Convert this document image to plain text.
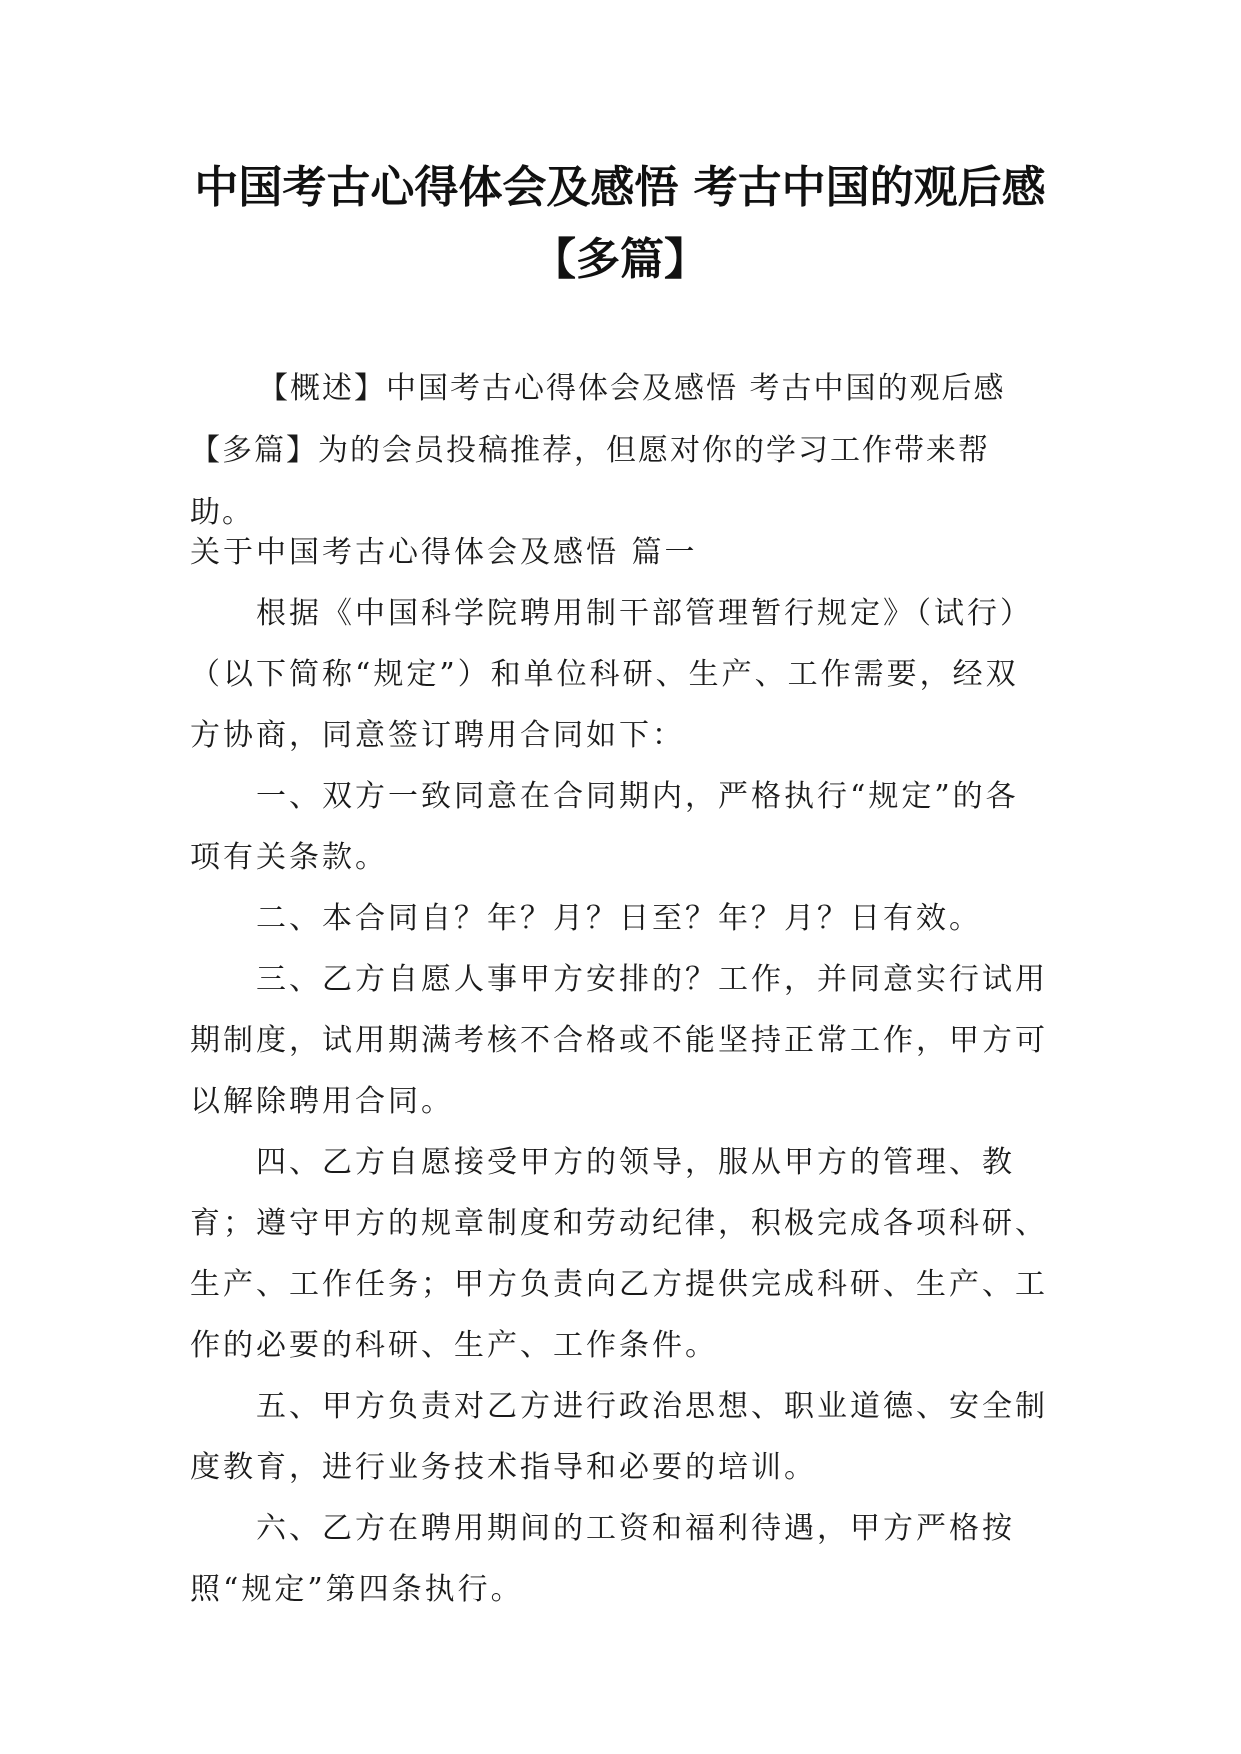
中国考古心得体会及感悟 考古中国的观后感【多篇】

【概述】中国考古心得体会及感悟 考古中国的观后感【多篇】为的会员投稿推荐，但愿对你的学习工作带来帮助。

关于中国考古心得体会及感悟 篇一

根据《中国科学院聘用制干部管理暂行规定》（试行）（以下简称“规定”）和单位科研、生产、工作需要，经双方协商，同意签订聘用合同如下：

一、双方一致同意在合同期内，严格执行“规定”的各项有关条款。

二、本合同自？年？月？日至？年？月？日有效。

三、乙方自愿人事甲方安排的？工作，并同意实行试用期制度，试用期满考核不合格或不能坚持正常工作，甲方可以解除聘用合同。

四、乙方自愿接受甲方的领导，服从甲方的管理、教育；遵守甲方的规章制度和劳动纪律，积极完成各项科研、生产、工作任务；甲方负责向乙方提供完成科研、生产、工作的必要的科研、生产、工作条件。

五、甲方负责对乙方进行政治思想、职业道德、安全制度教育，进行业务技术指导和必要的培训。

六、乙方在聘用期间的工资和福利待遇，甲方严格按照“规定”第四条执行。
